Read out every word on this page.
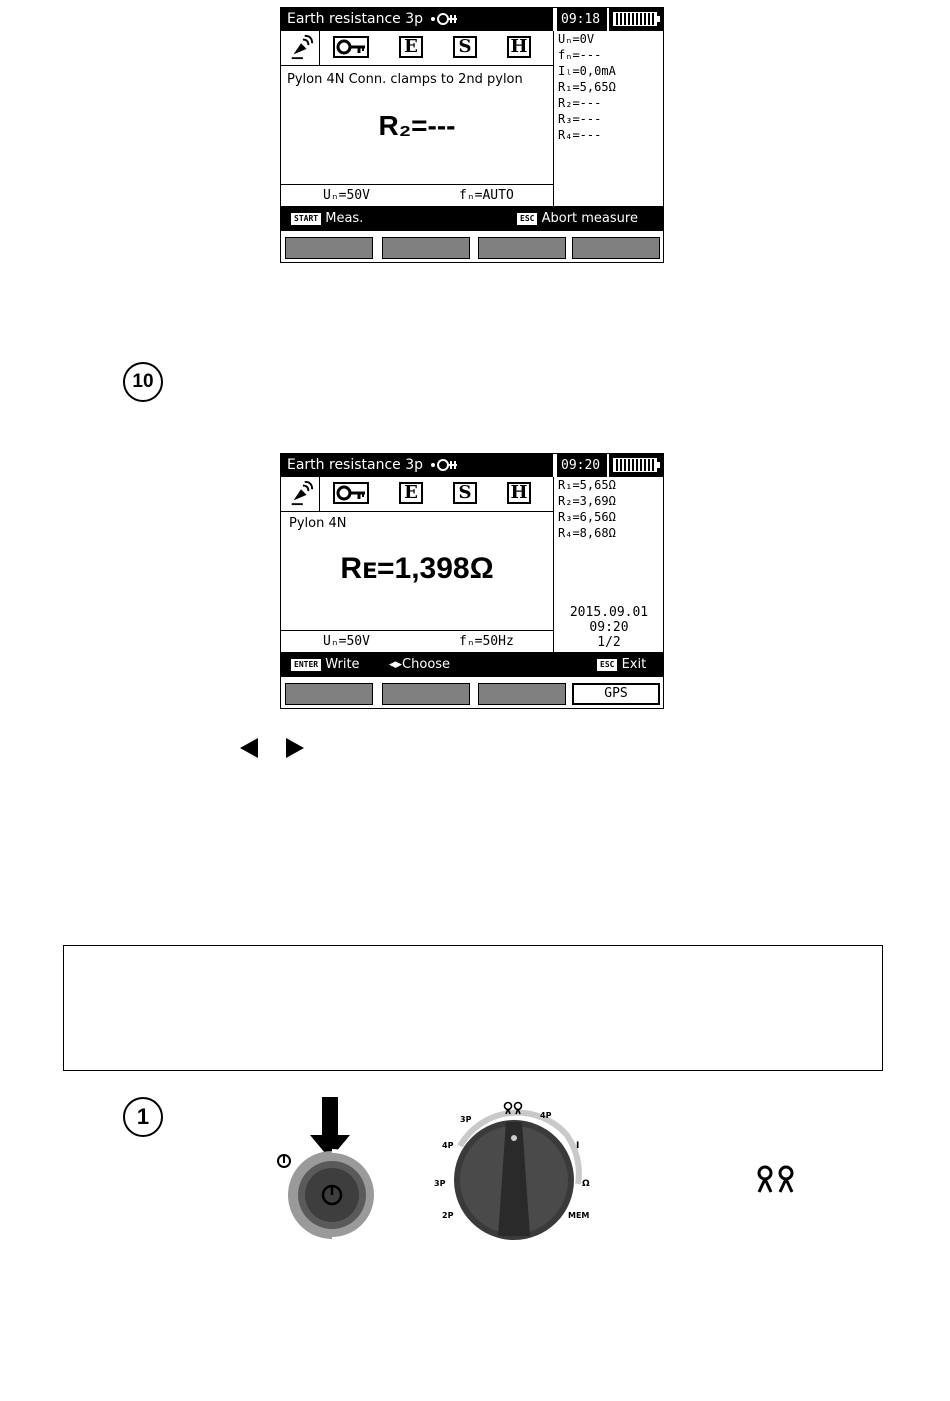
Earth resistance 3p	09:18
E	S	H
Pylon 4N Conn. clamps to 2nd pylon
R₂=---
Uₙ=50V	fₙ=AUTO
Uₙ=0V
fₙ=---
Iₗ=0,0mA
R₁=5,65Ω
R₂=---
R₃=---
R₄=---
START Meas.	ESC Abort measure
10
Earth resistance 3p	09:20
E	S	H
Pylon 4N
Rᴇ=1,398Ω
Uₙ=50V	fₙ=50Hz
R₁=5,65Ω
R₂=3,69Ω
R₃=6,56Ω
R₄=8,68Ω
2015.09.01
09:20
1/2
ENTER Write ◂▸Choose	ESC Exit
GPS
1	3P
4P
3P
2P
4P
I
Ω
MEM
